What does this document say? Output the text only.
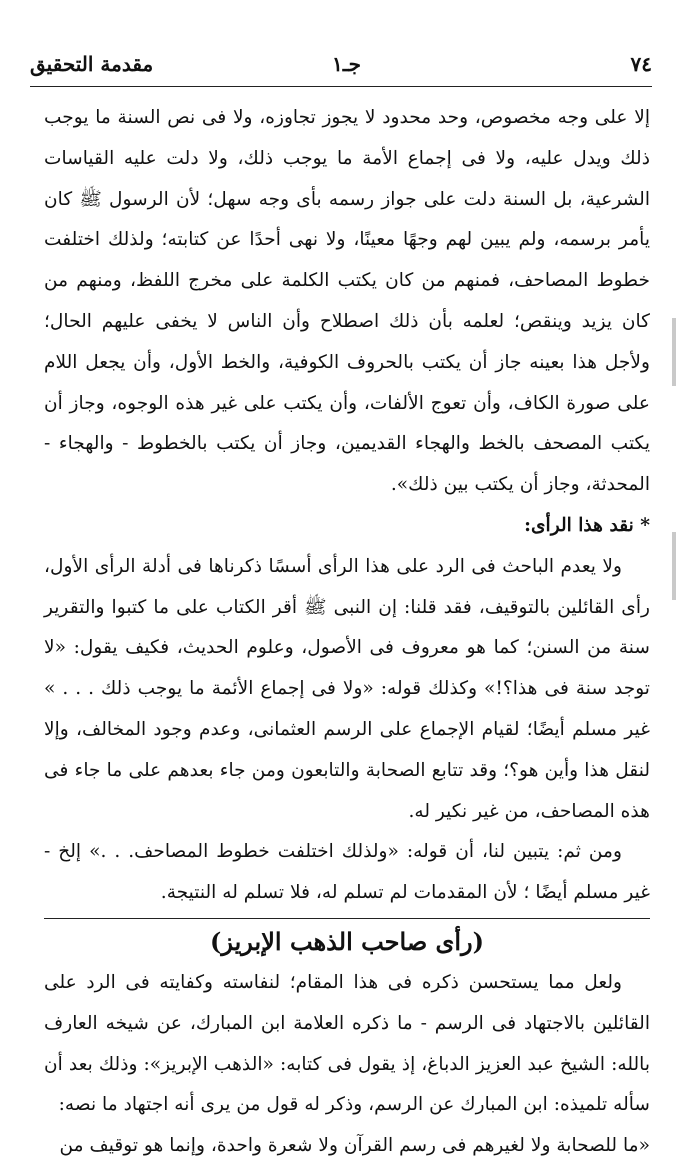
٧٤
جـ١
مقدمة التحقيق

إلا على وجه مخصوص، وحد محدود لا يجوز تجاوزه، ولا فى نص السنة ما يوجب ذلك ويدل عليه، ولا فى إجماع الأمة ما يوجب ذلك، ولا دلت عليه القياسات الشرعية، بل السنة دلت على جواز رسمه بأى وجه سهل؛ لأن الرسول ﷺ كان يأمر برسمه، ولم يبين لهم وجهًا معينًا، ولا نهى أحدًا عن كتابته؛ ولذلك اختلفت خطوط المصاحف، فمنهم من كان يكتب الكلمة على مخرج اللفظ، ومنهم من كان يزيد وينقص؛ لعلمه بأن ذلك اصطلاح وأن الناس لا يخفى عليهم الحال؛ ولأجل هذا بعينه جاز أن يكتب بالحروف الكوفية، والخط الأول، وأن يجعل اللام على صورة الكاف، وأن تعوج الألفات، وأن يكتب على غير هذه الوجوه، وجاز أن يكتب المصحف بالخط والهجاء القديمين، وجاز أن يكتب بالخطوط - والهجاء - المحدثة، وجاز أن يكتب بين ذلك».

* نقد هذا الرأى:

ولا يعدم الباحث فى الرد على هذا الرأى أسسًا ذكرناها فى أدلة الرأى الأول، رأى القائلين بالتوقيف، فقد قلنا: إن النبى ﷺ أقر الكتاب على ما كتبوا والتقرير سنة من السنن؛ كما هو معروف فى الأصول، وعلوم الحديث، فكيف يقول: «لا توجد سنة فى هذا؟!» وكذلك قوله: «ولا فى إجماع الأئمة ما يوجب ذلك . . . » غير مسلم أيضًا؛ لقيام الإجماع على الرسم العثمانى، وعدم وجود المخالف، وإلا لنقل هذا وأين هو؟؛ وقد تتابع الصحابة والتابعون ومن جاء بعدهم على ما جاء فى هذه المصاحف، من غير نكير له.

ومن ثم: يتبين لنا، أن قوله: «ولذلك اختلفت خطوط المصاحف. . .» إلخ - غير مسلم أيضًا ؛ لأن المقدمات لم تسلم له، فلا تسلم له النتيجة.

(رأى صاحب الذهب الإبريز)

ولعل مما يستحسن ذكره فى هذا المقام؛ لنفاسته وكفايته فى الرد على القائلين بالاجتهاد فى الرسم - ما ذكره العلامة ابن المبارك، عن شيخه العارف بالله: الشيخ عبد العزيز الدباغ، إذ يقول فى كتابه: «الذهب الإبريز»: وذلك بعد أن سأله تلميذه: ابن المبارك عن الرسم، وذكر له قول من يرى أنه اجتهاد ما نصه:

«ما للصحابة ولا لغيرهم فى رسم القرآن ولا شعرة واحدة، وإنما هو توقيف من
